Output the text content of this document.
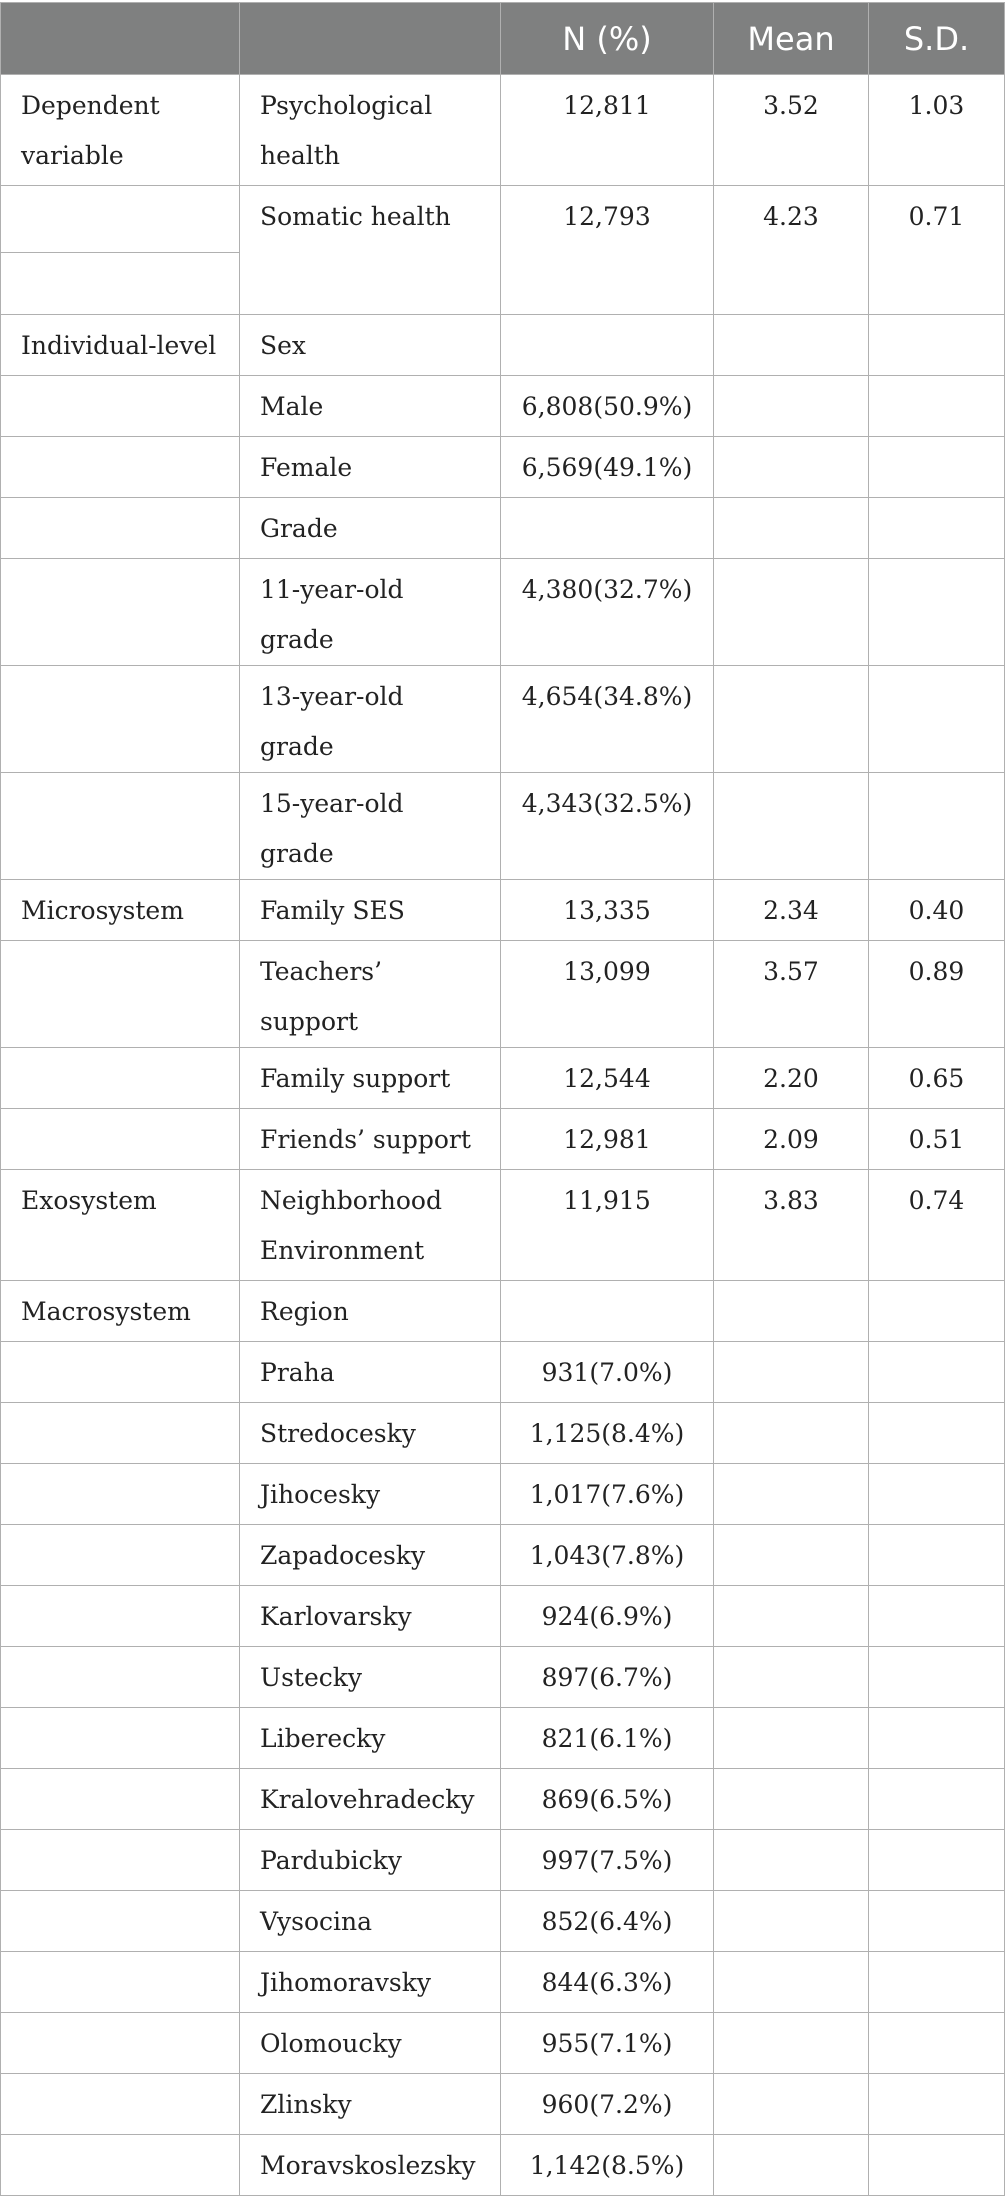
		N (%)	Mean	S.D.

Dependent variable	Psychological health	12,811	3.52	1.03

	Somatic health	12,793	4.23	0.71
Individual-level	Sex			
	Male	6,808(50.9%)		
	Female	6,569(49.1%)		
	Grade			
	11-year-old grade	4,380(32.7%)		
	13-year-old grade	4,654(34.8%)		
	15-year-old grade	4,343(32.5%)		
Microsystem	Family SES	13,335	2.34	0.40
	Teachers’ support	13,099	3.57	0.89
	Family support	12,544	2.20	0.65
	Friends’ support	12,981	2.09	0.51
Exosystem	Neighborhood Environment	11,915	3.83	0.74
Macrosystem	Region			
	Praha	931(7.0%)		
	Stredocesky	1,125(8.4%)		
	Jihocesky	1,017(7.6%)		
	Zapadocesky	1,043(7.8%)		
	Karlovarsky	924(6.9%)		
	Ustecky	897(6.7%)		
	Liberecky	821(6.1%)		
	Kralovehradecky	869(6.5%)		
	Pardubicky	997(7.5%)		
	Vysocina	852(6.4%)		
	Jihomoravsky	844(6.3%)		
	Olomoucky	955(7.1%)		
	Zlinsky	960(7.2%)		
	Moravskoslezsky	1,142(8.5%)		
